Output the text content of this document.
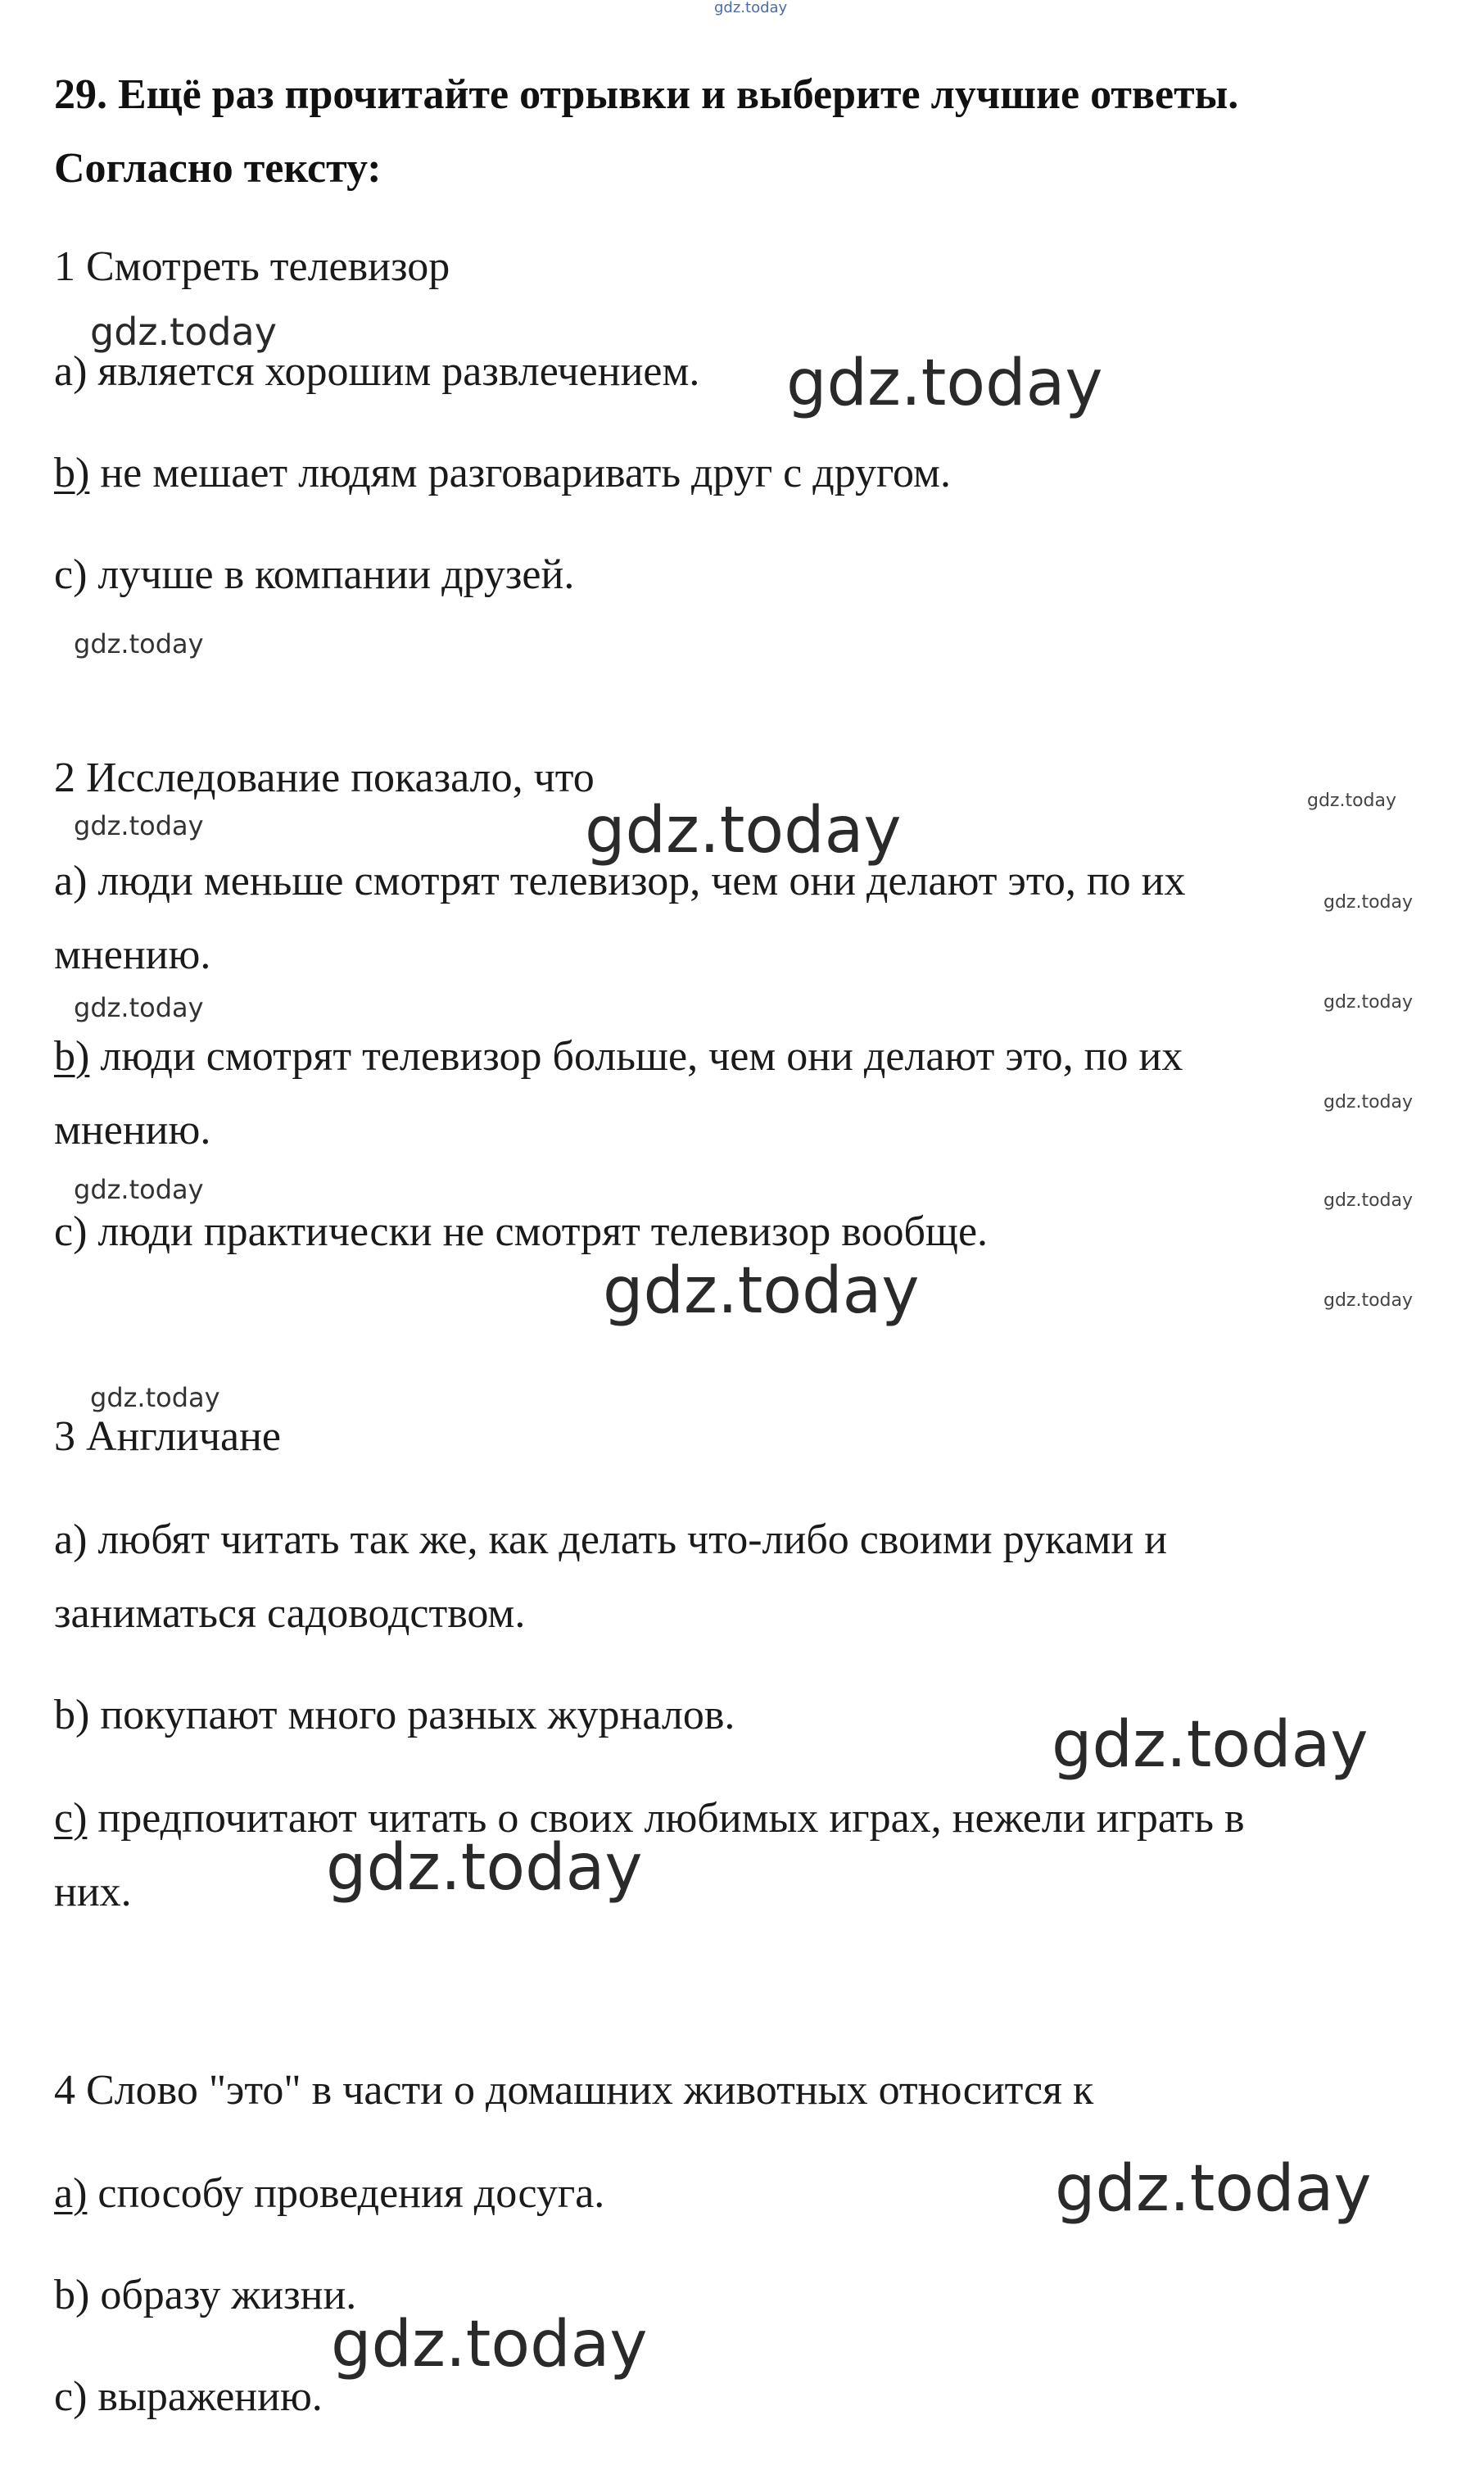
gdz.today
29. Ещё раз прочитайте отрывки и выберите лучшие ответы.
Согласно тексту:
1 Смотреть телевизор
a) является хорошим развлечением.
b) не мешает людям разговаривать друг с другом.
c) лучше в компании друзей.
2 Исследование показало, что
a) люди меньше смотрят телевизор, чем они делают это, по их
мнению.
b) люди смотрят телевизор больше, чем они делают это, по их
мнению.
c) люди практически не смотрят телевизор вообще.
3 Англичане
a) любят читать так же, как делать что-либо своими руками и
заниматься садоводством.
b) покупают много разных журналов.
c) предпочитают читать о своих любимых играх, нежели играть в
них.
4 Слово "это" в части о домашних животных относится к
a) способу проведения досуга.
b) образу жизни.
c) выражению.
gdz.today
gdz.today
gdz.today
gdz.today
gdz.today	gdz.today
gdz.today
gdz.today
gdz.today
gdz.today
gdz.today	gdz.today
gdz.today	gdz.today
gdz.today
gdz.today
gdz.today
gdz.today
gdz.today
